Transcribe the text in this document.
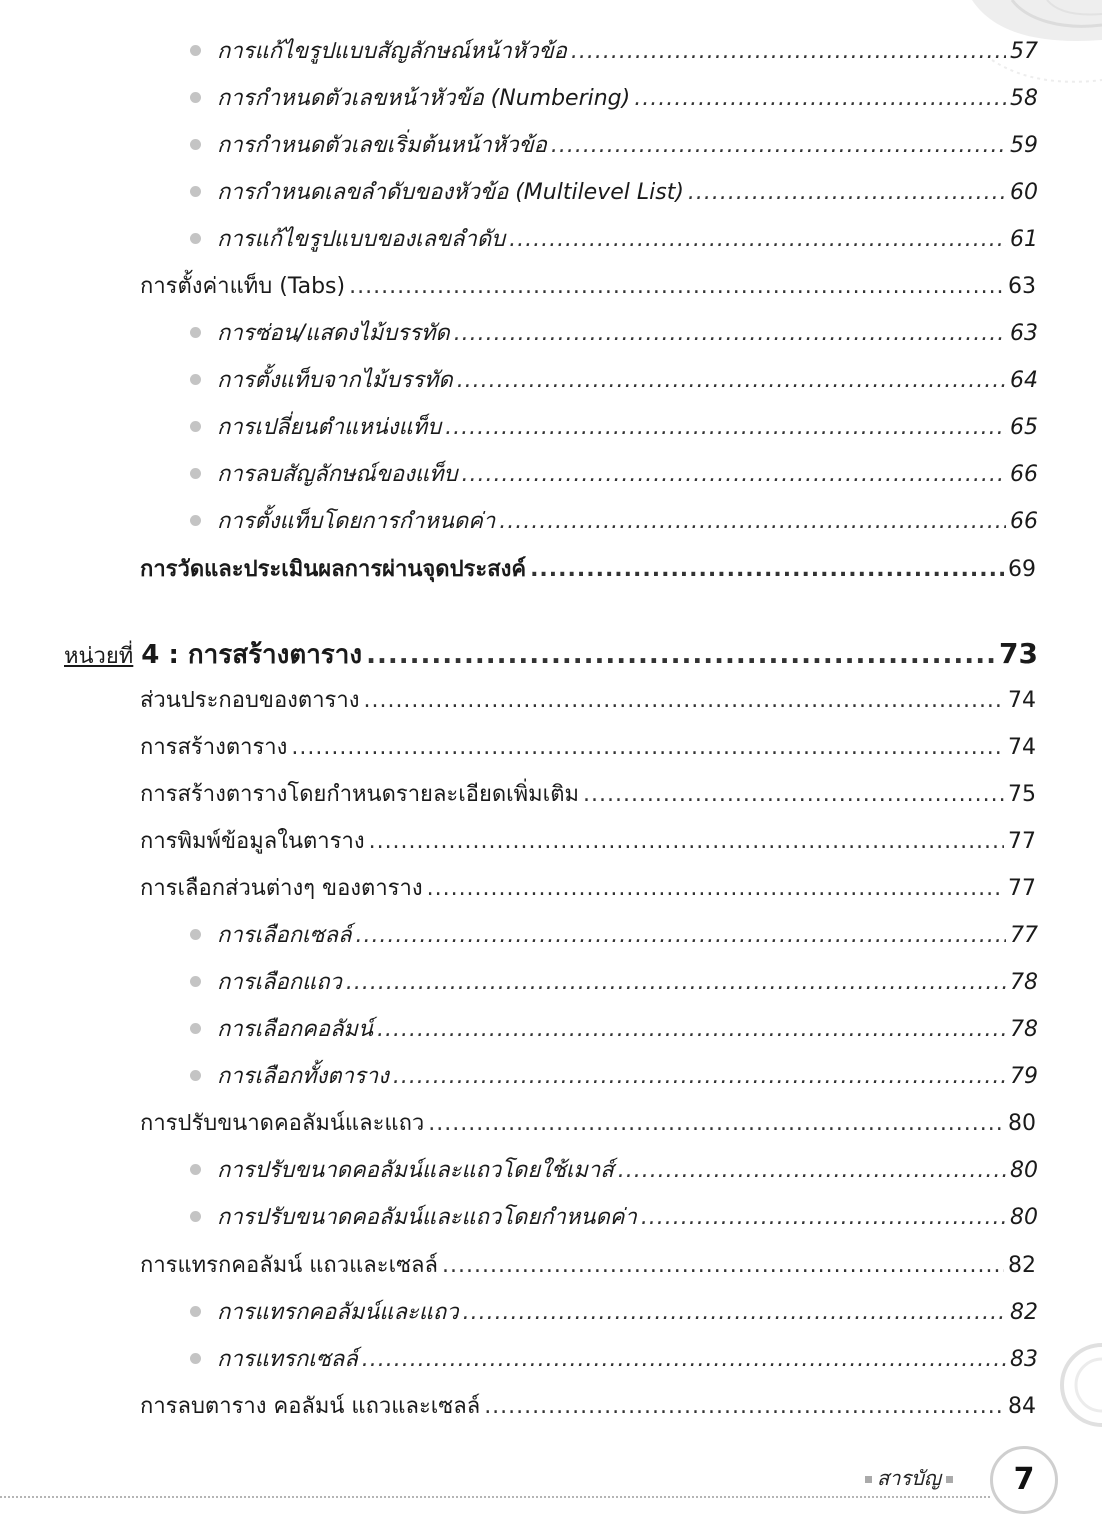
การแก้ไขรูปแบบสัญลักษณ์หน้าหัวข้อ .....	57
การกำหนดตัวเลขหน้าหัวข้อ (Numbering) .....	58
การกำหนดตัวเลขเริ่มต้นหน้าหัวข้อ .....	59
การกำหนดเลขลำดับของหัวข้อ (Multilevel List) .....	60
การแก้ไขรูปแบบของเลขลำดับ .....	61
การตั้งค่าแท็บ (Tabs) .....	63
การซ่อน/แสดงไม้บรรทัด .....	63
การตั้งแท็บจากไม้บรรทัด .....	64
การเปลี่ยนตำแหน่งแท็บ .....	65
การลบสัญลักษณ์ของแท็บ .....	66
การตั้งแท็บโดยการกำหนดค่า .....	66
การวัดและประเมินผลการผ่านจุดประสงค์ .....	69
หน่วยที่ 4 : การสร้างตาราง .....	73
ส่วนประกอบของตาราง .....	74
การสร้างตาราง .....	74
การสร้างตารางโดยกำหนดรายละเอียดเพิ่มเติม .....	75
การพิมพ์ข้อมูลในตาราง .....	77
การเลือกส่วนต่างๆ ของตาราง .....	77
การเลือกเซลล์ .....	77
การเลือกแถว .....	78
การเลือกคอลัมน์ .....	78
การเลือกทั้งตาราง .....	79
การปรับขนาดคอลัมน์และแถว .....	80
การปรับขนาดคอลัมน์และแถวโดยใช้เมาส์ .....	80
การปรับขนาดคอลัมน์และแถวโดยกำหนดค่า .....	80
การแทรกคอลัมน์ แถวและเซลล์ .....	82
การแทรกคอลัมน์และแถว .....	82
การแทรกเซลล์ .....	83
การลบตาราง คอลัมน์ แถวและเซลล์ .....	84
สารบัญ	7
